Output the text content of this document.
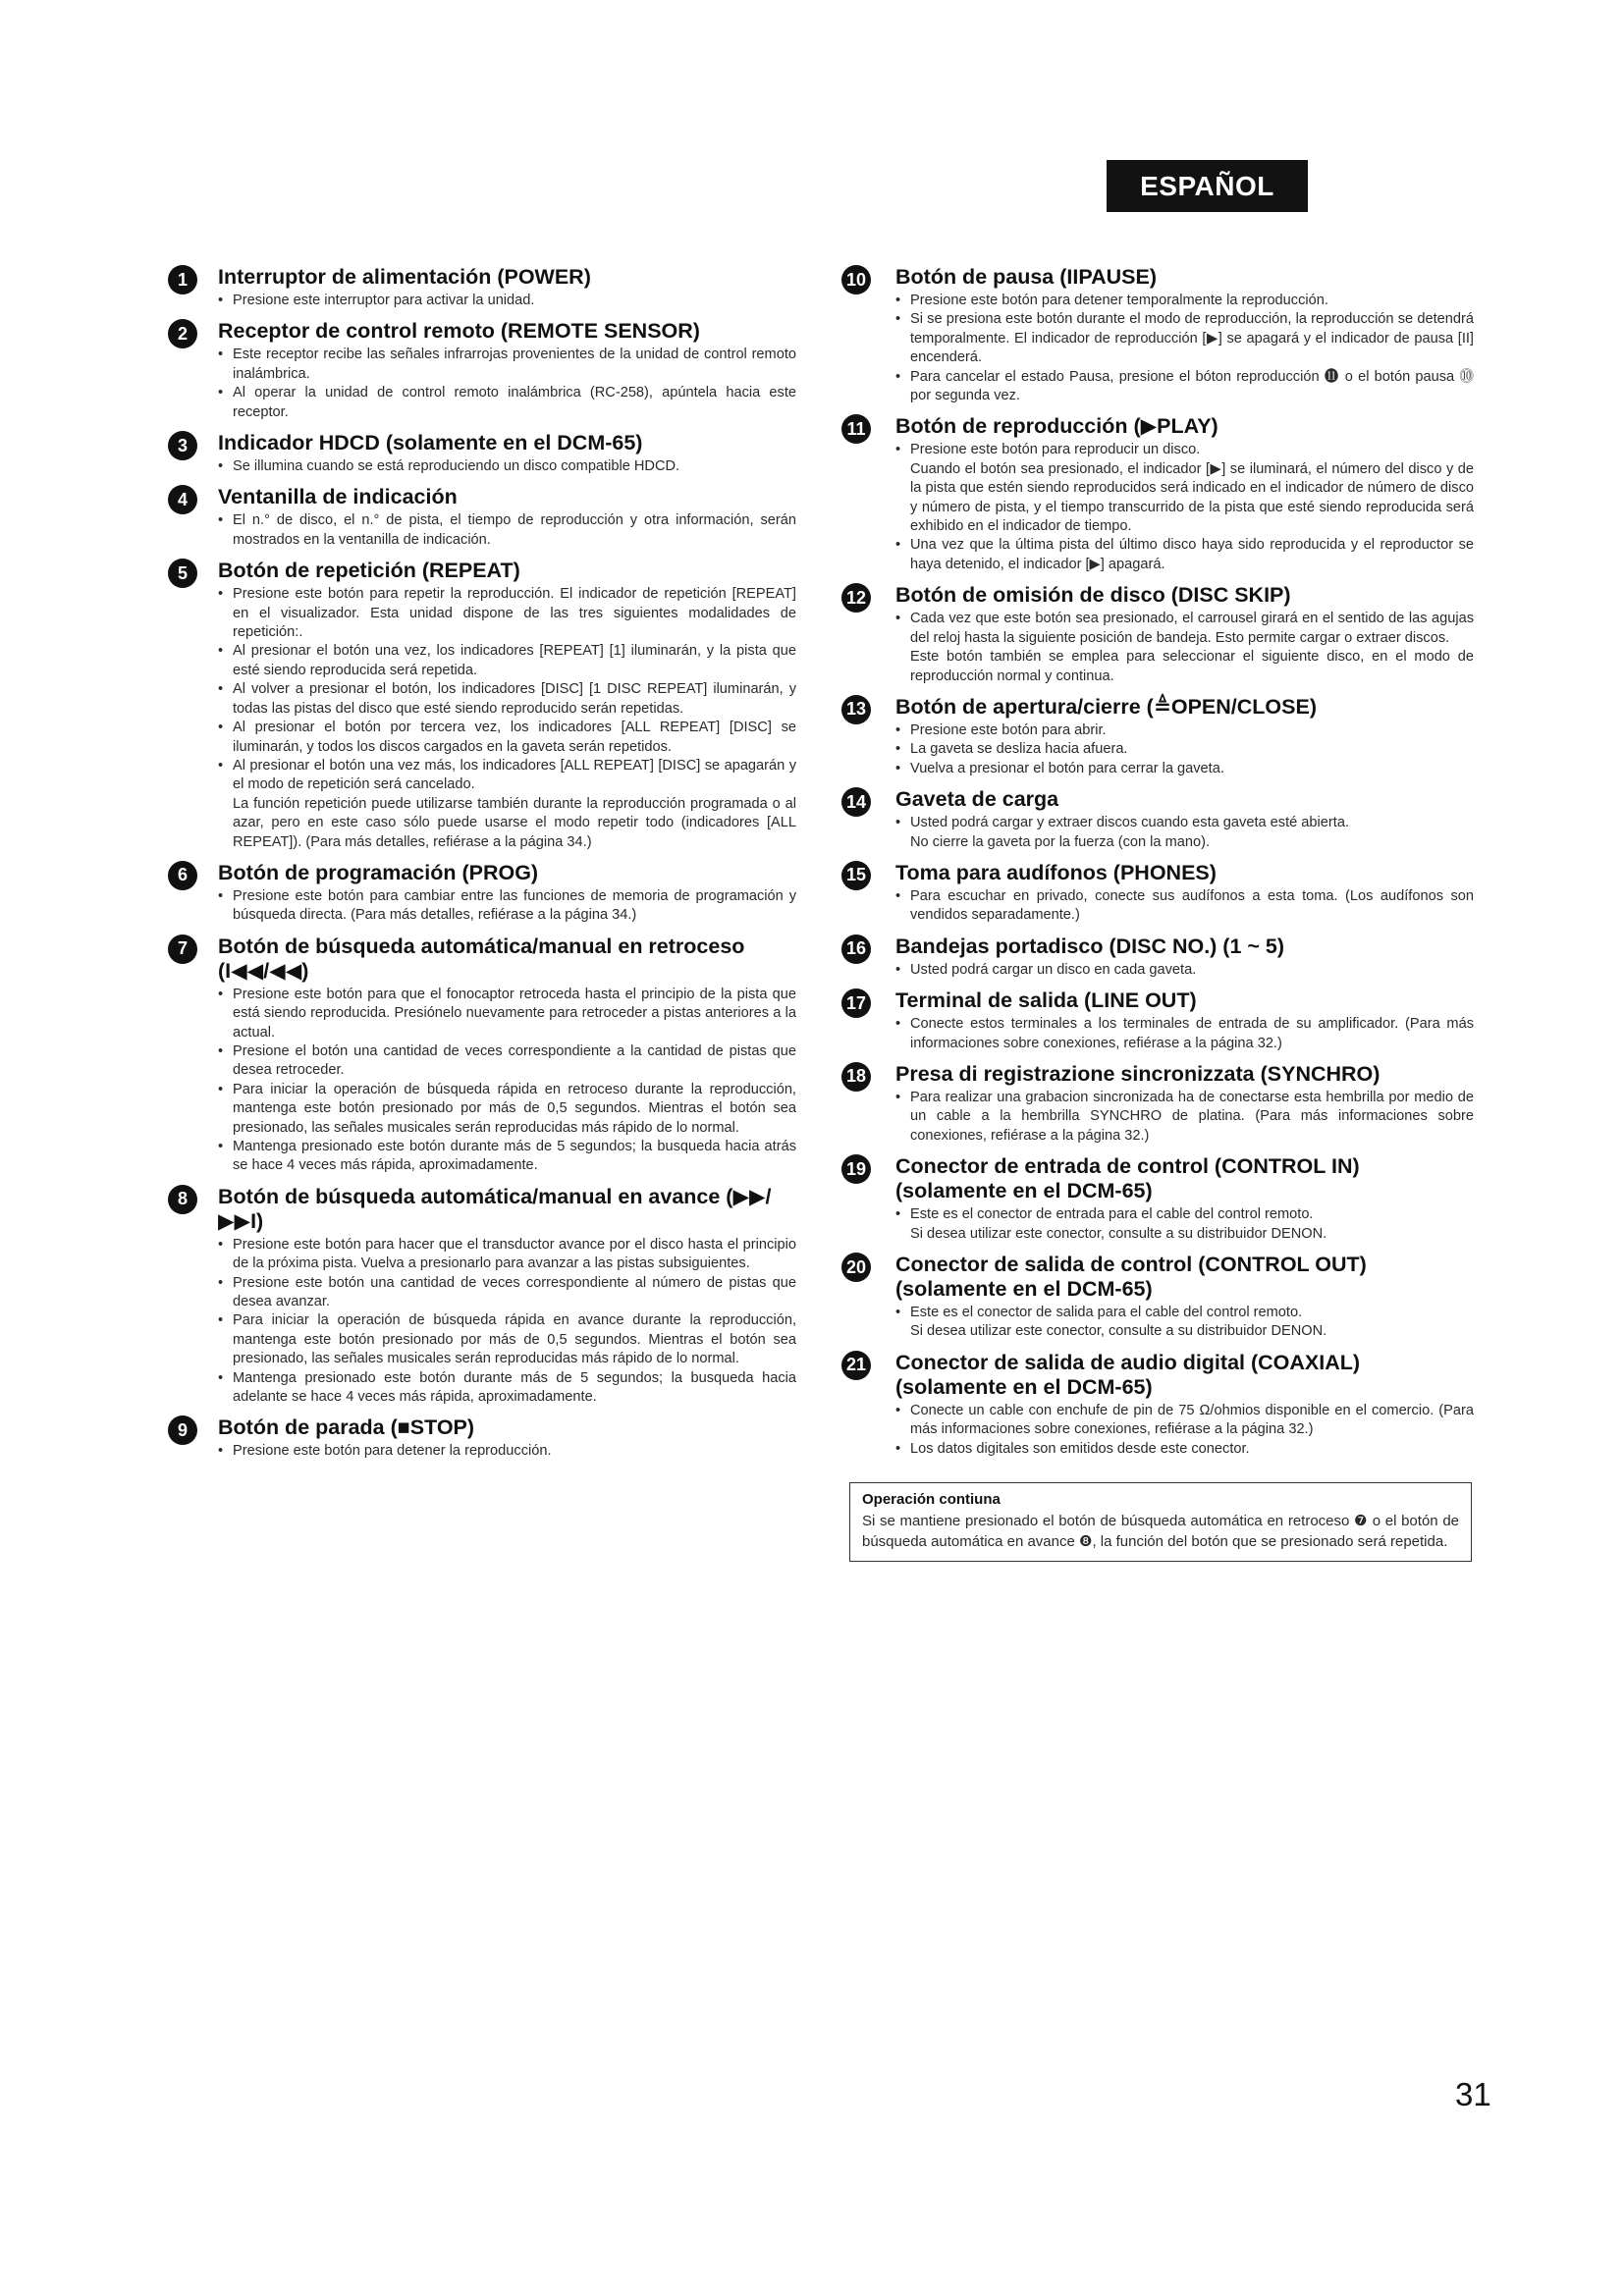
ESPAÑOL
1	Interruptor de alimentación (POWER)
• Presione este interruptor para activar la unidad.
2	Receptor de control remoto (REMOTE SENSOR)
• Este receptor recibe las señales infrarrojas provenientes de la unidad de control remoto inalámbrica.
• Al operar la unidad de control remoto inalámbrica (RC-258), apúntela hacia este receptor.
3	Indicador HDCD (solamente en el DCM-65)
• Se illumina cuando se está reproduciendo un disco compatible HDCD.
4	Ventanilla de indicación
• El n.° de disco, el n.° de pista, el tiempo de reproducción y otra información, serán mostrados en la ventanilla de indicación.
5	Botón de repetición (REPEAT)
• Presione este botón para repetir la reproducción. El indicador de repetición [REPEAT] en el visualizador. Esta unidad dispone de las tres siguientes modalidades de repetición:.
• Al presionar el botón una vez, los indicadores [REPEAT] [1] iluminarán, y la pista que esté siendo reproducida será repetida.
• Al volver a presionar el botón, los indicadores [DISC] [1 DISC REPEAT] iluminarán, y todas las pistas del disco que esté siendo reproducido serán repetidas.
• Al presionar el botón por tercera vez, los indicadores [ALL REPEAT] [DISC] se iluminarán, y todos los discos cargados en la gaveta serán repetidos.
• Al presionar el botón una vez más, los indicadores [ALL REPEAT] [DISC] se apagarán y el modo de repetición será cancelado.
La función repetición puede utilizarse también durante la reproducción programada o al azar, pero en este caso sólo puede usarse el modo repetir todo (indicadores [ALL REPEAT]). (Para más detalles, refiérase a la página 34.)
6	Botón de programación (PROG)
• Presione este botón para cambiar entre las funciones de memoria de programación y búsqueda directa. (Para más detalles, refiérase a la página 34.)
7	Botón de búsqueda automática/manual en retroceso (I◀◀/◀◀)
• Presione este botón para que el fonocaptor retroceda hasta el principio de la pista que está siendo reproducida. Presiónelo nuevamente para retroceder a pistas anteriores a la actual.
• Presione el botón una cantidad de veces correspondiente a la cantidad de pistas que desea retroceder.
• Para iniciar la operación de búsqueda rápida en retroceso durante la reproducción, mantenga este botón presionado por más de 0,5 segundos. Mientras el botón sea presionado, las señales musicales serán reproducidas más rápido de lo normal.
• Mantenga presionado este botón durante más de 5 segundos; la busqueda hacia atrás se hace 4 veces más rápida, aproximadamente.
8	Botón de búsqueda automática/manual en avance (▶▶/▶▶I)
• Presione este botón para hacer que el transductor avance por el disco hasta el principio de la próxima pista. Vuelva a presionarlo para avanzar a las pistas subsiguientes.
• Presione este botón una cantidad de veces correspondiente al número de pistas que desea avanzar.
• Para iniciar la operación de búsqueda rápida en avance durante la reproducción, mantenga este botón presionado por más de 0,5 segundos. Mientras el botón sea presionado, las señales musicales serán reproducidas más rápido de lo normal.
• Mantenga presionado este botón durante más de 5 segundos; la busqueda hacia adelante se hace 4 veces más rápida, aproximadamente.
9	Botón de parada (■STOP)
• Presione este botón para detener la reproducción.
10 Botón de pausa (IIPAUSE)
• Presione este botón para detener temporalmente la reproducción.
• Si se presiona este botón durante el modo de reproducción, la reproducción se detendrá temporalmente. El indicador de reproducción [▶] se apagará y el indicador de pausa [II] encenderá.
• Para cancelar el estado Pausa, presione el bóton reproducción ⓫ o el botón pausa ⓾ por segunda vez.
11 Botón de reproducción (▶PLAY)
• Presione este botón para reproducir un disco.
Cuando el botón sea presionado, el indicador [▶] se iluminará, el número del disco y de la pista que estén siendo reproducidos será indicado en el indicador de número de disco y número de pista, y el tiempo transcurrido de la pista que esté siendo reproducida será exhibido en el indicador de tiempo.
• Una vez que la última pista del último disco haya sido reproducida y el reproductor se haya detenido, el indicador [▶] apagará.
12 Botón de omisión de disco (DISC SKIP)
• Cada vez que este botón sea presionado, el carrousel girará en el sentido de las agujas del reloj hasta la siguiente posición de bandeja. Esto permite cargar o extraer discos.
Este botón también se emplea para seleccionar el siguiente disco, en el modo de reproducción normal y continua.
13 Botón de apertura/cierre (≜OPEN/CLOSE)
• Presione este botón para abrir.
• La gaveta se desliza hacia afuera.
• Vuelva a presionar el botón para cerrar la gaveta.
14 Gaveta de carga
• Usted podrá cargar y extraer discos cuando esta gaveta esté abierta.
No cierre la gaveta por la fuerza (con la mano).
15 Toma para audífonos (PHONES)
• Para escuchar en privado, conecte sus audífonos a esta toma. (Los audífonos son vendidos separadamente.)
16 Bandejas portadisco (DISC NO.) (1 ~ 5)
• Usted podrá cargar un disco en cada gaveta.
17 Terminal de salida (LINE OUT)
• Conecte estos terminales a los terminales de entrada de su amplificador. (Para más informaciones sobre conexiones, refiérase a la página 32.)
18 Presa di registrazione sincronizzata (SYNCHRO)
• Para realizar una grabacion sincronizada ha de conectarse esta hembrilla por medio de un cable a la hembrilla SYNCHRO de platina. (Para más informaciones sobre conexiones, refiérase a la página 32.)
19 Conector de entrada de control (CONTROL IN) (solamente en el DCM-65)
• Este es el conector de entrada para el cable del control remoto.
Si desea utilizar este conector, consulte a su distribuidor DENON.
20 Conector de salida de control (CONTROL OUT) (solamente en el DCM-65)
• Este es el conector de salida para el cable del control remoto.
Si desea utilizar este conector, consulte a su distribuidor DENON.
21 Conector de salida de audio digital (COAXIAL) (solamente en el DCM-65)
• Conecte un cable con enchufe de pin de 75 Ω/ohmios disponible en el comercio. (Para más informaciones sobre conexiones, refiérase a la página 32.)
• Los datos digitales son emitidos desde este conector.
Operación contiuna
Si se mantiene presionado el botón de búsqueda automática en retroceso ❼ o el botón de búsqueda automática en avance ❽, la función del botón que se presionado será repetida.
31
